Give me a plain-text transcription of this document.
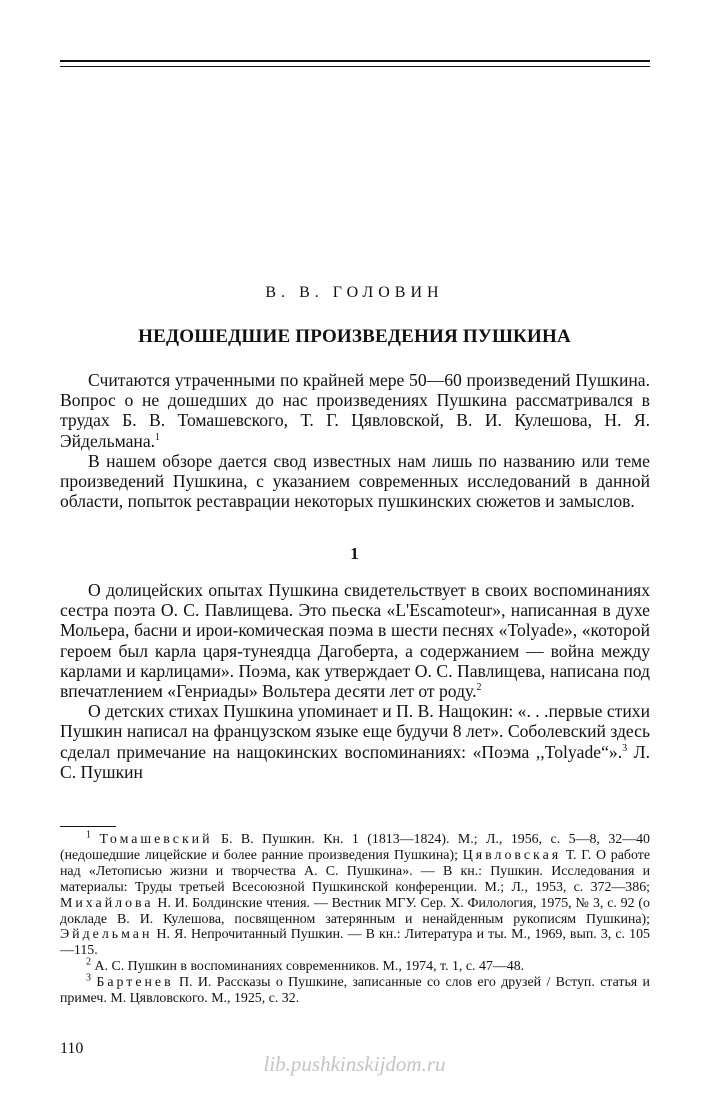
В. В. ГОЛОВИН
НЕДОШЕДШИЕ ПРОИЗВЕДЕНИЯ ПУШКИНА

Считаются утраченными по крайней мере 50—60 произведений Пушкина. Вопрос о не дошедших до нас произведениях Пушкина рассматривался в трудах Б. В. Томашевского, Т. Г. Цявловской, В. И. Кулешова, Н. Я. Эйдельмана.$^1$

В нашем обзоре дается свод известных нам лишь по названию или теме произведений Пушкина, с указанием современных исследований в данной области, попыток реставрации некоторых пушкинских сюжетов и замыслов.

1

О долицейских опытах Пушкина свидетельствует в своих воспоминаниях сестра поэта О. С. Павлищева. Это пьеска «L'Escamoteur», написанная в духе Мольера, басни и ирои-комическая поэма в шести песнях «Tolyade», «которой героем был карла царя-тунеядца Дагоберта, а содержанием — война между карлами и карлицами». Поэма, как утверждает О. С. Павлищева, написана под впечатлением «Генриады» Вольтера десяти лет от роду.$^2$

О детских стихах Пушкина упоминает и П. В. Нащокин: «. . .первые стихи Пушкин написал на французском языке еще будучи 8 лет». Соболевский здесь сделал примечание на нащокинских воспоминаниях: «Поэма ,,Tolyade“».$^3$ Л. С. Пушкин

$^1$ Томашевский Б. В. Пушкин. Кн. 1 (1813—1824). М.; Л., 1956, с. 5—8, 32—40 (недошедшие лицейские и более ранние произведения Пушкина); Цявловская Т. Г. О работе над «Летописью жизни и творчества А. С. Пушкина». — В кн.: Пушкин. Исследования и материалы: Труды третьей Всесоюзной Пушкинской конференции. М.; Л., 1953, с. 372—386; Михайлова Н. И. Болдинские чтения. — Вестник МГУ. Сер. X. Филология, 1975, № 3, с. 92 (о докладе В. И. Кулешова, посвященном затерянным и ненайденным рукописям Пушкина); Эйдельман Н. Я. Непрочитанный Пушкин. — В кн.: Литература и ты. М., 1969, вып. 3, с. 105—115.

$^2$ А. С. Пушкин в воспоминаниях современников. М., 1974, т. 1, с. 47—48.

$^3$ Бартенев П. И. Рассказы о Пушкине, записанные со слов его друзей / Вступ. статья и примеч. М. Цявловского. М., 1925, с. 32.

110
lib.pushkinskijdom.ru
